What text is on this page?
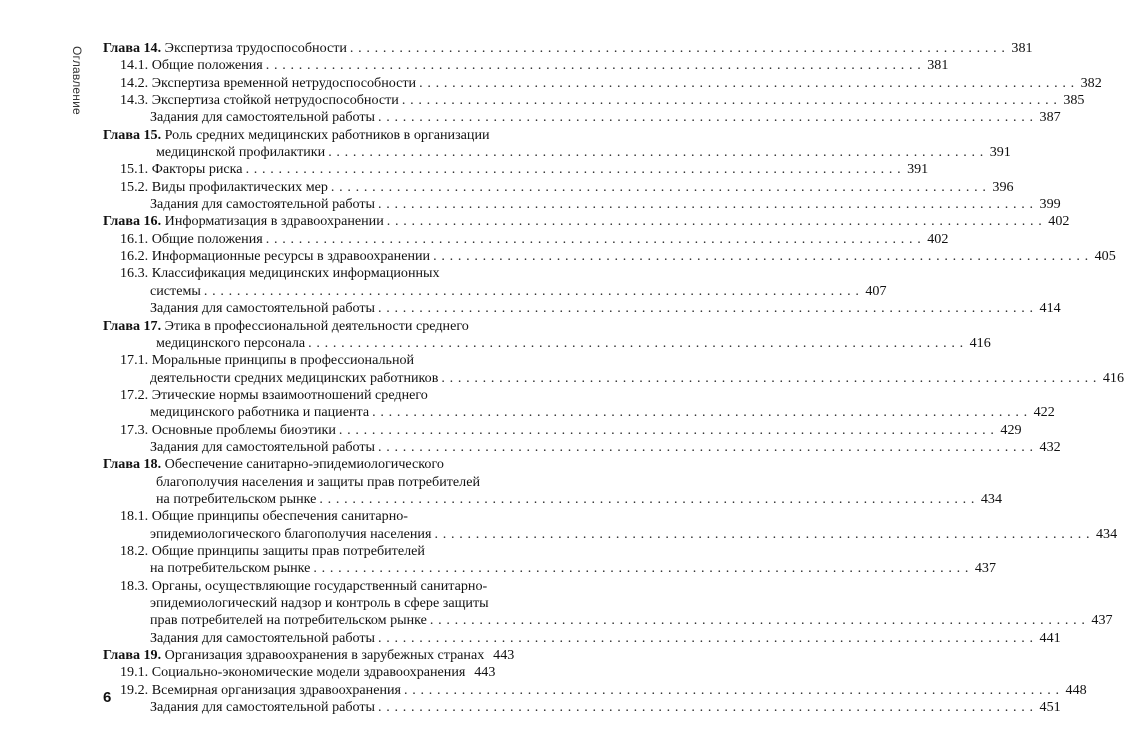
Оглавление Глава 14. Экспертиза трудоспособности . . . . . . . . . . . . . . . . . . . . . . . . . . . . . . . . . . . . . . . . . . . . . . . . . . . . . . . . . . . . . . . . . . . . . . . . . . . . . . . . 381
14.1. Общие положения . . . . . . . . . . . . . . . . . . . . . . . . . . . . . . . . . . . . . . . . . . . . . . . . . . . . . . . . . . . . . . . . . . . . . . . . . . . . . . . . 381
14.2. Экспертиза временной нетрудоспособности . . . . . . . . . . . . . . . . . . . . . . . . . . . . . . . . . . . . . . . . . . . . . . . . . . . . . . . . . . . . . . . . . . . . . . . . . . . . . . . . 382
14.3. Экспертиза стойкой нетрудоспособности . . . . . . . . . . . . . . . . . . . . . . . . . . . . . . . . . . . . . . . . . . . . . . . . . . . . . . . . . . . . . . . . . . . . . . . . . . . . . . . . 385
Задания для самостоятельной работы . . . . . . . . . . . . . . . . . . . . . . . . . . . . . . . . . . . . . . . . . . . . . . . . . . . . . . . . . . . . . . . . . . . . . . . . . . . . . . . . 387
Глава 15. Роль средних медицинских работников в организации
медицинской профилактики . . . . . . . . . . . . . . . . . . . . . . . . . . . . . . . . . . . . . . . . . . . . . . . . . . . . . . . . . . . . . . . . . . . . . . . . . . . . . . . . 391
15.1. Факторы риска . . . . . . . . . . . . . . . . . . . . . . . . . . . . . . . . . . . . . . . . . . . . . . . . . . . . . . . . . . . . . . . . . . . . . . . . . . . . . . . . 391
15.2. Виды профилактических мер . . . . . . . . . . . . . . . . . . . . . . . . . . . . . . . . . . . . . . . . . . . . . . . . . . . . . . . . . . . . . . . . . . . . . . . . . . . . . . . . 396
Задания для самостоятельной работы . . . . . . . . . . . . . . . . . . . . . . . . . . . . . . . . . . . . . . . . . . . . . . . . . . . . . . . . . . . . . . . . . . . . . . . . . . . . . . . . 399
Глава 16. Информатизация в здравоохранении . . . . . . . . . . . . . . . . . . . . . . . . . . . . . . . . . . . . . . . . . . . . . . . . . . . . . . . . . . . . . . . . . . . . . . . . . . . . . . . . 402
16.1. Общие положения . . . . . . . . . . . . . . . . . . . . . . . . . . . . . . . . . . . . . . . . . . . . . . . . . . . . . . . . . . . . . . . . . . . . . . . . . . . . . . . . 402
16.2. Информационные ресурсы в здравоохранении . . . . . . . . . . . . . . . . . . . . . . . . . . . . . . . . . . . . . . . . . . . . . . . . . . . . . . . . . . . . . . . . . . . . . . . . . . . . . . . . 405
16.3. Классификация медицинских информационных
системы . . . . . . . . . . . . . . . . . . . . . . . . . . . . . . . . . . . . . . . . . . . . . . . . . . . . . . . . . . . . . . . . . . . . . . . . . . . . . . . . 407
Задания для самостоятельной работы . . . . . . . . . . . . . . . . . . . . . . . . . . . . . . . . . . . . . . . . . . . . . . . . . . . . . . . . . . . . . . . . . . . . . . . . . . . . . . . . 414
Глава 17. Этика в профессиональной деятельности среднего
медицинского персонала . . . . . . . . . . . . . . . . . . . . . . . . . . . . . . . . . . . . . . . . . . . . . . . . . . . . . . . . . . . . . . . . . . . . . . . . . . . . . . . . 416
17.1. Моральные принципы в профессиональной
деятельности средних медицинских работников . . . . . . . . . . . . . . . . . . . . . . . . . . . . . . . . . . . . . . . . . . . . . . . . . . . . . . . . . . . . . . . . . . . . . . . . . . . . . . . . 416
17.2. Этические нормы взаимоотношений среднего
медицинского работника и пациента . . . . . . . . . . . . . . . . . . . . . . . . . . . . . . . . . . . . . . . . . . . . . . . . . . . . . . . . . . . . . . . . . . . . . . . . . . . . . . . . 422
17.3. Основные проблемы биоэтики . . . . . . . . . . . . . . . . . . . . . . . . . . . . . . . . . . . . . . . . . . . . . . . . . . . . . . . . . . . . . . . . . . . . . . . . . . . . . . . . 429
Задания для самостоятельной работы . . . . . . . . . . . . . . . . . . . . . . . . . . . . . . . . . . . . . . . . . . . . . . . . . . . . . . . . . . . . . . . . . . . . . . . . . . . . . . . . 432
Глава 18. Обеспечение санитарно-эпидемиологического
благополучия населения и защиты прав потребителей
на потребительском рынке . . . . . . . . . . . . . . . . . . . . . . . . . . . . . . . . . . . . . . . . . . . . . . . . . . . . . . . . . . . . . . . . . . . . . . . . . . . . . . . . 434
18.1. Общие принципы обеспечения санитарно-
эпидемиологического благополучия населения . . . . . . . . . . . . . . . . . . . . . . . . . . . . . . . . . . . . . . . . . . . . . . . . . . . . . . . . . . . . . . . . . . . . . . . . . . . . . . . . 434
18.2. Общие принципы защиты прав потребителей
на потребительском рынке . . . . . . . . . . . . . . . . . . . . . . . . . . . . . . . . . . . . . . . . . . . . . . . . . . . . . . . . . . . . . . . . . . . . . . . . . . . . . . . . 437
18.3. Органы, осуществляющие государственный санитарно-
эпидемиологический надзор и контроль в сфере защиты
прав потребителей на потребительском рынке . . . . . . . . . . . . . . . . . . . . . . . . . . . . . . . . . . . . . . . . . . . . . . . . . . . . . . . . . . . . . . . . . . . . . . . . . . . . . . . . 437
Задания для самостоятельной работы . . . . . . . . . . . . . . . . . . . . . . . . . . . . . . . . . . . . . . . . . . . . . . . . . . . . . . . . . . . . . . . . . . . . . . . . . . . . . . . . 441
Глава 19. Организация здравоохранения в зарубежных странах 443
19.1. Социально-экономические модели здравоохранения 443
19.2. Всемирная организация здравоохранения . . . . . . . . . . . . . . . . . . . . . . . . . . . . . . . . . . . . . . . . . . . . . . . . . . . . . . . . . . . . . . . . . . . . . . . . . . . . . . . . 448
Задания для самостоятельной работы . . . . . . . . . . . . . . . . . . . . . . . . . . . . . . . . . . . . . . . . . . . . . . . . . . . . . . . . . . . . . . . . . . . . . . . . . . . . . . . . 451
6
